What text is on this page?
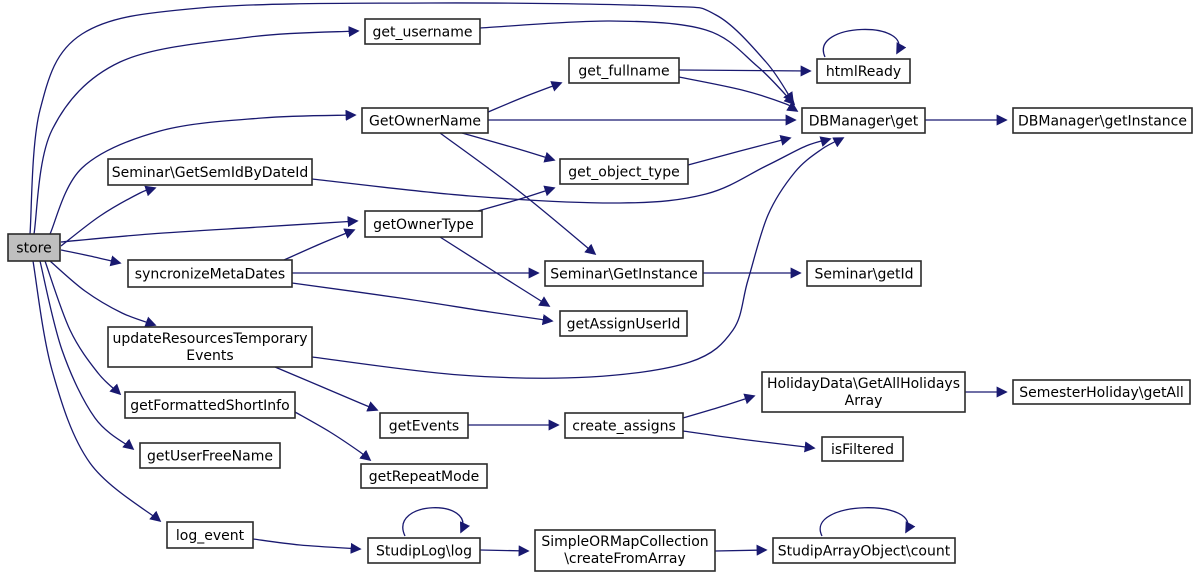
store
get_username
get_fullname
GetOwnerName
Seminar\GetSemIdByDateId	get_object_type
getOwnerType
syncronizeMetaDates	Seminar\GetInstance	Seminar\getId
getAssignUserId
updateResourcesTemporary Events
getFormattedShortInfo
getUserFreeName
log_event
getEvents	create_assigns
getRepeatMode
StudipLog\log
SimpleORMapCollection \createFromArray
htmlReady
DBManager\get	DBManager\getInstance
HolidayData\GetAllHolidays Array	SemesterHoliday\getAll
isFiltered
StudipArrayObject\count
